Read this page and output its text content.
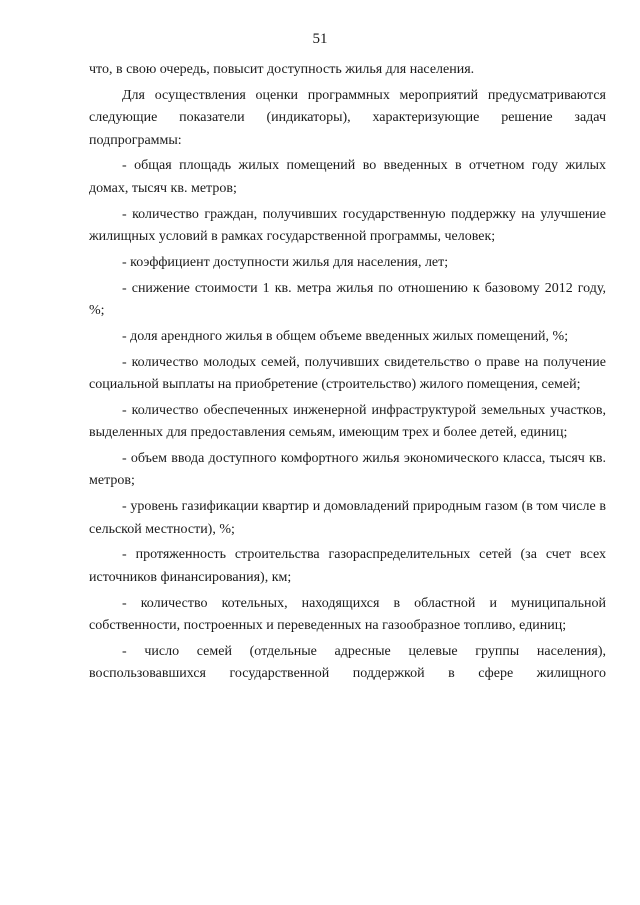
51

что, в свою очередь, повысит доступность жилья для населения.

Для осуществления оценки программных мероприятий предусматриваются следующие показатели (индикаторы), характеризующие решение задач подпрограммы:

- общая площадь жилых помещений во введенных в отчетном году жилых домах, тысяч кв. метров;
- количество граждан, получивших государственную поддержку на улучшение жилищных условий в рамках государственной программы, человек;
- коэффициент доступности жилья для населения, лет;
- снижение стоимости 1 кв. метра жилья по отношению к базовому 2012 году, %;
- доля арендного жилья в общем объеме введенных жилых помещений, %;
- количество молодых семей, получивших свидетельство о праве на получение социальной выплаты на приобретение (строительство) жилого помещения, семей;
- количество обеспеченных инженерной инфраструктурой земельных участков, выделенных для предоставления семьям, имеющим трех и более детей, единиц;
- объем ввода доступного комфортного жилья экономического класса, тысяч кв. метров;
- уровень газификации квартир и домовладений природным газом (в том числе в сельской местности), %;
- протяженность строительства газораспределительных сетей (за счет всех источников финансирования), км;
- количество котельных, находящихся в областной и муниципальной собственности, построенных и переведенных на газообразное топливо, единиц;
- число семей (отдельные адресные целевые группы населения), воспользовавшихся государственной поддержкой в сфере жилищного
